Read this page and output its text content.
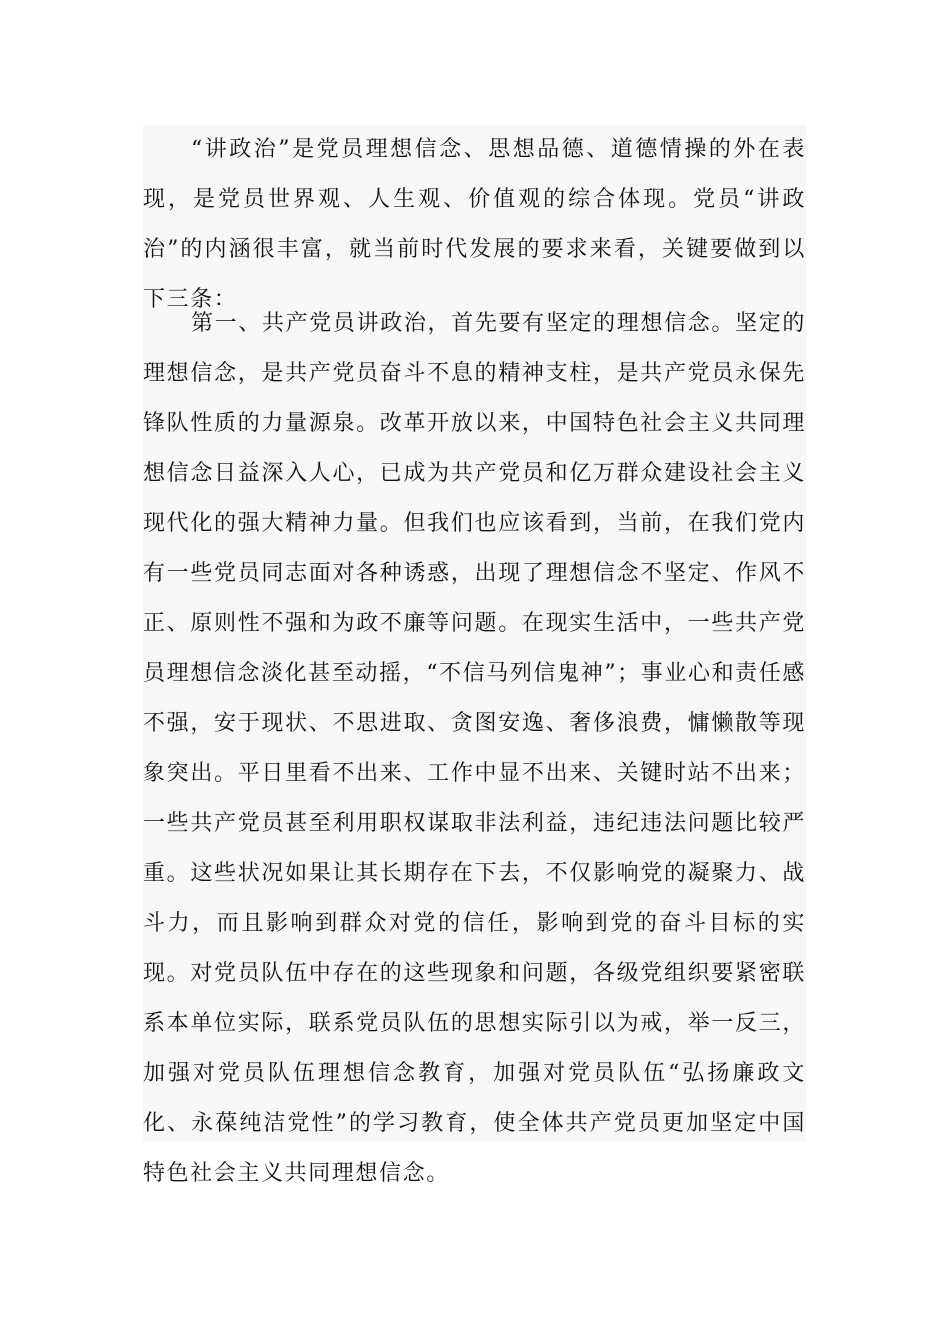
“讲政治”是党员理想信念、思想品德、道德情操的外在表现，是党员世界观、人生观、价值观的综合体现。党员“讲政治”的内涵很丰富，就当前时代发展的要求来看，关键要做到以下三条：

第一、共产党员讲政治，首先要有坚定的理想信念。坚定的理想信念，是共产党员奋斗不息的精神支柱，是共产党员永保先锋队性质的力量源泉。改革开放以来，中国特色社会主义共同理想信念日益深入人心，已成为共产党员和亿万群众建设社会主义现代化的强大精神力量。但我们也应该看到，当前，在我们党内有一些党员同志面对各种诱惑，出现了理想信念不坚定、作风不正、原则性不强和为政不廉等问题。在现实生活中，一些共产党员理想信念淡化甚至动摇，“不信马列信鬼神”；事业心和责任感不强，安于现状、不思进取、贪图安逸、奢侈浪费，慵懒散等现象突出。平日里看不出来、工作中显不出来、关键时站不出来；一些共产党员甚至利用职权谋取非法利益，违纪违法问题比较严重。这些状况如果让其长期存在下去，不仅影响党的凝聚力、战斗力，而且影响到群众对党的信任，影响到党的奋斗目标的实现。对党员队伍中存在的这些现象和问题，各级党组织要紧密联系本单位实际，联系党员队伍的思想实际引以为戒，举一反三，加强对党员队伍理想信念教育，加强对党员队伍“弘扬廉政文化、永葆纯洁党性”的学习教育，使全体共产党员更加坚定中国特色社会主义共同理想信念。
